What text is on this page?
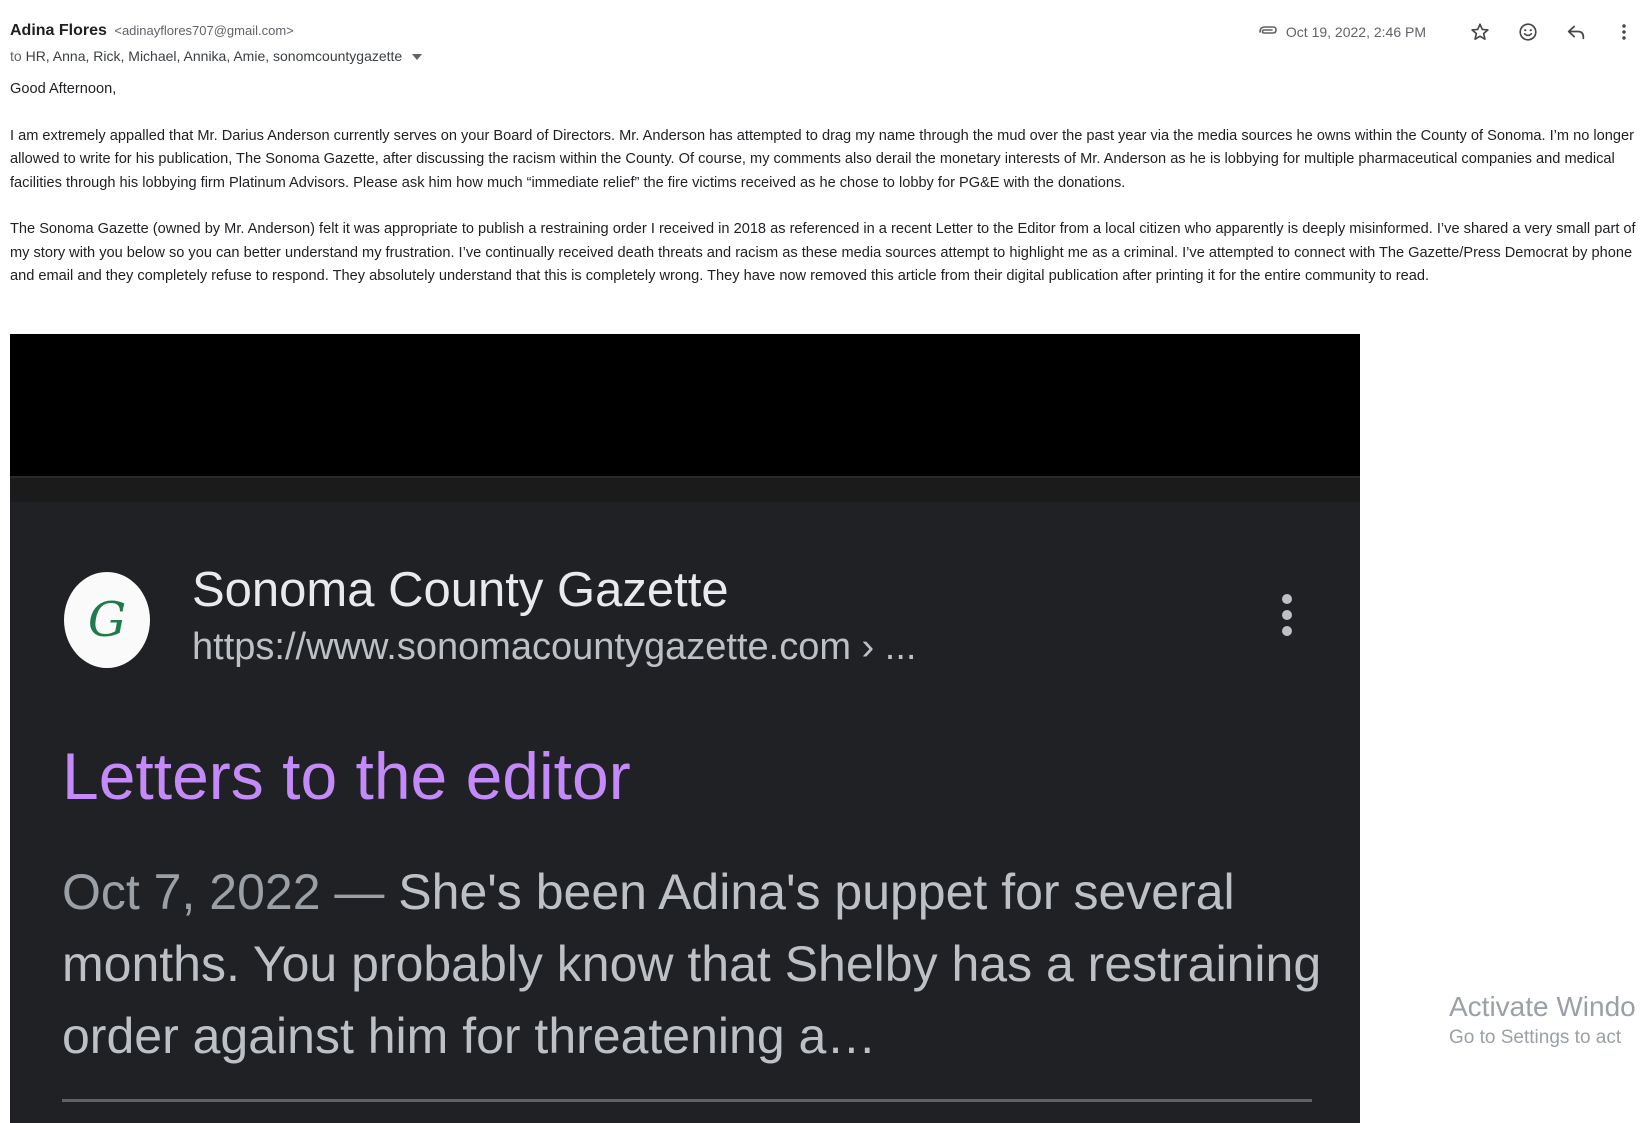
Adina Flores <adinayflores707@gmail.com>
to HR, Anna, Rick, Michael, Annika, Amie, sonomcountygazette
Oct 19, 2022, 2:46 PM

Good Afternoon,

I am extremely appalled that Mr. Darius Anderson currently serves on your Board of Directors. Mr. Anderson has attempted to drag my name through the mud over the past year via the media sources he owns within the County of Sonoma. I’m no longer allowed to write for his publication, The Sonoma Gazette, after discussing the racism within the County. Of course, my comments also derail the monetary interests of Mr. Anderson as he is lobbying for multiple pharmaceutical companies and medical facilities through his lobbying firm Platinum Advisors. Please ask him how much “immediate relief” the fire victims received as he chose to lobby for PG&E with the donations.

The Sonoma Gazette (owned by Mr. Anderson) felt it was appropriate to publish a restraining order I received in 2018 as referenced in a recent Letter to the Editor from a local citizen who apparently is deeply misinformed. I’ve shared a very small part of my story with you below so you can better understand my frustration. I’ve continually received death threats and racism as these media sources attempt to highlight me as a criminal. I’ve attempted to connect with The Gazette/Press Democrat by phone and email and they completely refuse to respond. They absolutely understand that this is completely wrong. They have now removed this article from their digital publication after printing it for the entire community to read.

G
Sonoma County Gazette
https://www.sonomacountygazette.com › ...
Letters to the editor
Oct 7, 2022 — She's been Adina's puppet for several months. You probably know that Shelby has a restraining order against him for threatening a…
Activate Windo
Go to Settings to act
